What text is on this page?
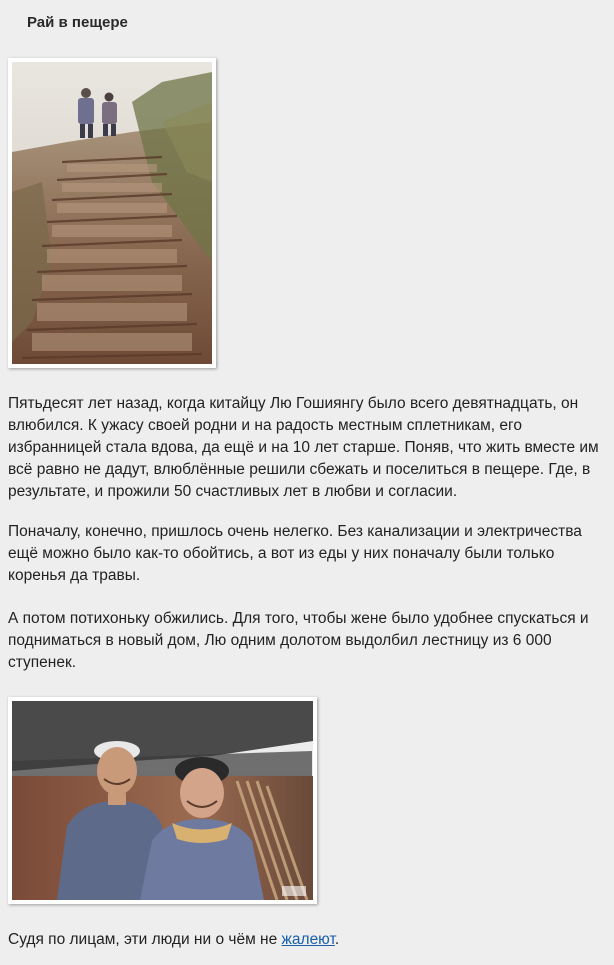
Рай в пещере

Пятьдесят лет назад, когда китайцу Лю Гошиянгу было всего девятнадцать, он влюбился. К ужасу своей родни и на радость местным сплетникам, его избранницей стала вдова, да ещё и на 10 лет старше. Поняв, что жить вместе им всё равно не дадут, влюблённые решили сбежать и поселиться в пещере. Где, в результате, и прожили 50 счастливых лет в любви и согласии.

Поначалу, конечно, пришлось очень нелегко. Без канализации и электричества ещё можно было как-то обойтись, а вот из еды у них поначалу были только коренья да травы.

А потом потихоньку обжились. Для того, чтобы жене было удобнее спускаться и подниматься в новый дом, Лю одним долотом выдолбил лестницу из 6 000 ступенек.

Судя по лицам, эти люди ни о чём не жалеют.
